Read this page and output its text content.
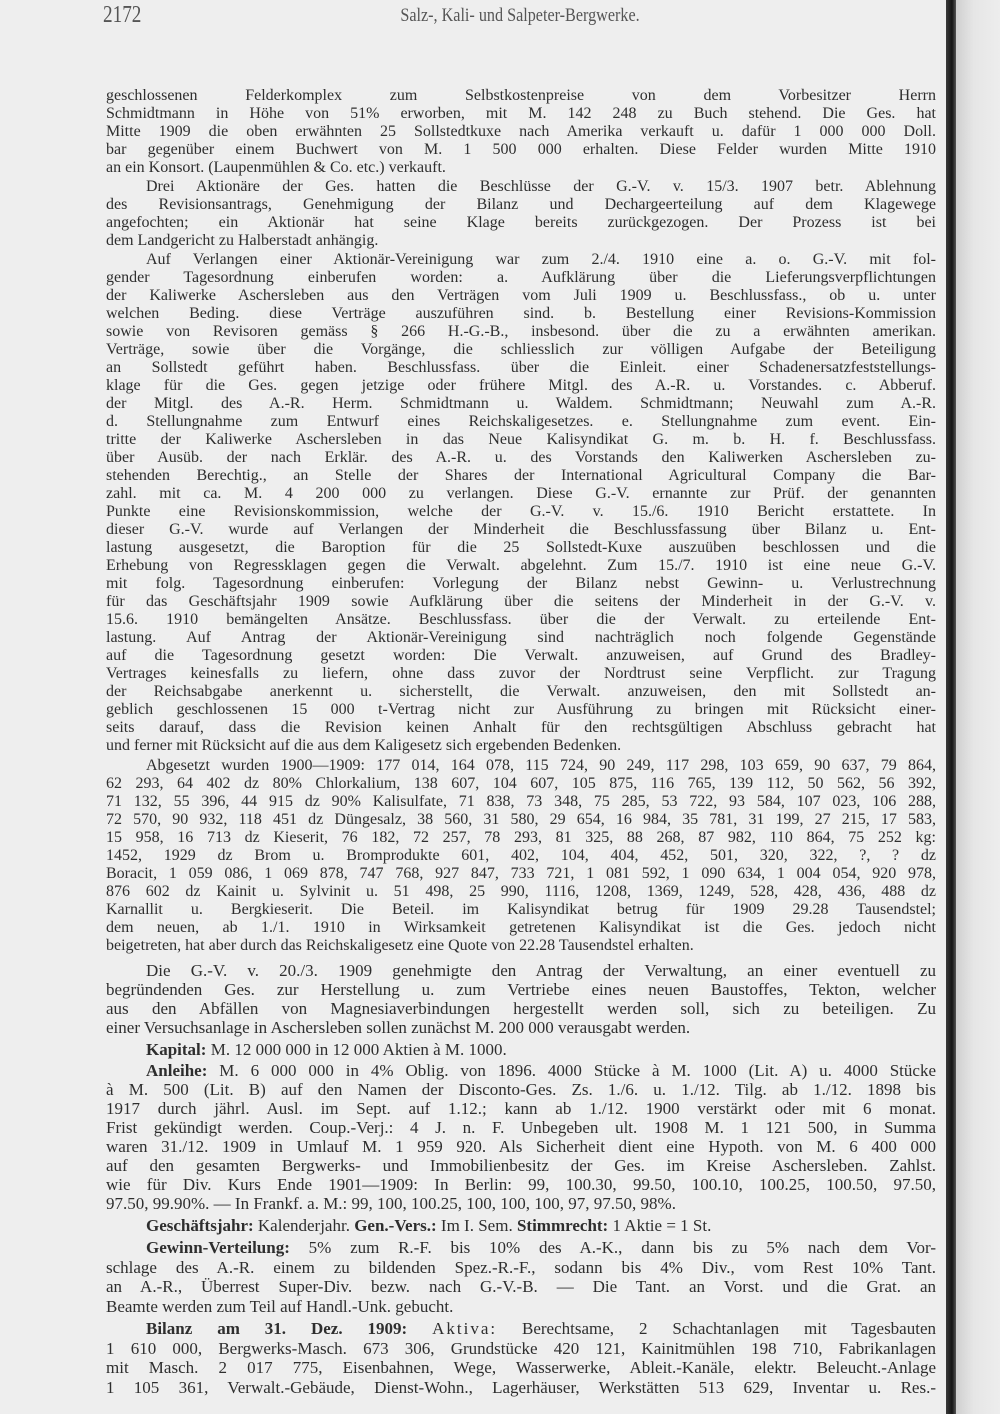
2172	Salz-, Kali- und Salpeter-Bergwerke.
geschlossenen Felderkomplex zum Selbstkostenpreise von dem Vorbesitzer Herrn
Schmidtmann in Höhe von 51% erworben, mit M. 142 248 zu Buch stehend. Die Ges. hat
Mitte 1909 die oben erwähnten 25 Sollstedtkuxe nach Amerika verkauft u. dafür 1 000 000 Doll.
bar gegenüber einem Buchwert von M. 1 500 000 erhalten. Diese Felder wurden Mitte 1910
an ein Konsort. (Laupenmühlen & Co. etc.) verkauft.
Drei Aktionäre der Ges. hatten die Beschlüsse der G.-V. v. 15/3. 1907 betr. Ablehnung
des Revisionsantrags, Genehmigung der Bilanz und Dechargeerteilung auf dem Klagewege
angefochten; ein Aktionär hat seine Klage bereits zurückgezogen. Der Prozess ist bei
dem Landgericht zu Halberstadt anhängig.
Auf Verlangen einer Aktionär-Vereinigung war zum 2./4. 1910 eine a. o. G.-V. mit fol-
gender Tagesordnung einberufen worden: a. Aufklärung über die Lieferungsverpflichtungen
der Kaliwerke Aschersleben aus den Verträgen vom Juli 1909 u. Beschlussfass., ob u. unter
welchen Beding. diese Verträge auszuführen sind. b. Bestellung einer Revisions-Kommission
sowie von Revisoren gemäss § 266 H.-G.-B., insbesond. über die zu a erwähnten amerikan.
Verträge, sowie über die Vorgänge, die schliesslich zur völligen Aufgabe der Beteiligung
an Sollstedt geführt haben. Beschlussfass. über die Einleit. einer Schadenersatzfeststellungs-
klage für die Ges. gegen jetzige oder frühere Mitgl. des A.-R. u. Vorstandes. c. Abberuf.
der Mitgl. des A.-R. Herm. Schmidtmann u. Waldem. Schmidtmann; Neuwahl zum A.-R.
d. Stellungnahme zum Entwurf eines Reichskaligesetzes. e. Stellungnahme zum event. Ein-
tritte der Kaliwerke Aschersleben in das Neue Kalisyndikat G. m. b. H. f. Beschlussfass.
über Ausüb. der nach Erklär. des A.-R. u. des Vorstands den Kaliwerken Aschersleben zu-
stehenden Berechtig., an Stelle der Shares der International Agricultural Company die Bar-
zahl. mit ca. M. 4 200 000 zu verlangen. Diese G.-V. ernannte zur Prüf. der genannten
Punkte eine Revisionskommission, welche der G.-V. v. 15./6. 1910 Bericht erstattete. In
dieser G.-V. wurde auf Verlangen der Minderheit die Beschlussfassung über Bilanz u. Ent-
lastung ausgesetzt, die Baroption für die 25 Sollstedt-Kuxe auszuüben beschlossen und die
Erhebung von Regressklagen gegen die Verwalt. abgelehnt. Zum 15./7. 1910 ist eine neue G.-V.
mit folg. Tagesordnung einberufen: Vorlegung der Bilanz nebst Gewinn- u. Verlustrechnung
für das Geschäftsjahr 1909 sowie Aufklärung über die seitens der Minderheit in der G.-V. v.
15.6. 1910 bemängelten Ansätze. Beschlussfass. über die der Verwalt. zu erteilende Ent-
lastung. Auf Antrag der Aktionär-Vereinigung sind nachträglich noch folgende Gegenstände
auf die Tagesordnung gesetzt worden: Die Verwalt. anzuweisen, auf Grund des Bradley-
Vertrages keinesfalls zu liefern, ohne dass zuvor der Nordtrust seine Verpflicht. zur Tragung
der Reichsabgabe anerkennt u. sicherstellt, die Verwalt. anzuweisen, den mit Sollstedt an-
geblich geschlossenen 15 000 t-Vertrag nicht zur Ausführung zu bringen mit Rücksicht einer-
seits darauf, dass die Revision keinen Anhalt für den rechtsgültigen Abschluss gebracht hat
und ferner mit Rücksicht auf die aus dem Kaligesetz sich ergebenden Bedenken.
Abgesetzt wurden 1900—1909: 177 014, 164 078, 115 724, 90 249, 117 298, 103 659, 90 637, 79 864,
62 293, 64 402 dz 80% Chlorkalium, 138 607, 104 607, 105 875, 116 765, 139 112, 50 562, 56 392,
71 132, 55 396, 44 915 dz 90% Kalisulfate, 71 838, 73 348, 75 285, 53 722, 93 584, 107 023, 106 288,
72 570, 90 932, 118 451 dz Düngesalz, 38 560, 31 580, 29 654, 16 984, 35 781, 31 199, 27 215, 17 583,
15 958, 16 713 dz Kieserit, 76 182, 72 257, 78 293, 81 325, 88 268, 87 982, 110 864, 75 252 kg:
1452, 1929 dz Brom u. Bromprodukte 601, 402, 104, 404, 452, 501, 320, 322, ?, ? dz
Boracit, 1 059 086, 1 069 878, 747 768, 927 847, 733 721, 1 081 592, 1 090 634, 1 004 054, 920 978,
876 602 dz Kainit u. Sylvinit u. 51 498, 25 990, 1116, 1208, 1369, 1249, 528, 428, 436, 488 dz
Karnallit u. Bergkieserit. Die Beteil. im Kalisyndikat betrug für 1909 29.28 Tausendstel;
dem neuen, ab 1./1. 1910 in Wirksamkeit getretenen Kalisyndikat ist die Ges. jedoch nicht
beigetreten, hat aber durch das Reichskaligesetz eine Quote von 22.28 Tausendstel erhalten.
Die G.-V. v. 20./3. 1909 genehmigte den Antrag der Verwaltung, an einer eventuell zu
begründenden Ges. zur Herstellung u. zum Vertriebe eines neuen Baustoffes, Tekton, welcher
aus den Abfällen von Magnesiaverbindungen hergestellt werden soll, sich zu beteiligen. Zu
einer Versuchsanlage in Aschersleben sollen zunächst M. 200 000 verausgabt werden.
Kapital: M. 12 000 000 in 12 000 Aktien à M. 1000.
Anleihe: M. 6 000 000 in 4% Oblig. von 1896. 4000 Stücke à M. 1000 (Lit. A) u. 4000 Stücke
à M. 500 (Lit. B) auf den Namen der Disconto-Ges. Zs. 1./6. u. 1./12. Tilg. ab 1./12. 1898 bis
1917 durch jährl. Ausl. im Sept. auf 1.12.; kann ab 1./12. 1900 verstärkt oder mit 6 monat.
Frist gekündigt werden. Coup.-Verj.: 4 J. n. F. Unbegeben ult. 1908 M. 1 121 500, in Summa
waren 31./12. 1909 in Umlauf M. 1 959 920. Als Sicherheit dient eine Hypoth. von M. 6 400 000
auf den gesamten Bergwerks- und Immobilienbesitz der Ges. im Kreise Aschersleben. Zahlst.
wie für Div. Kurs Ende 1901—1909: In Berlin: 99, 100.30, 99.50, 100.10, 100.25, 100.50, 97.50,
97.50, 99.90%. — In Frankf. a. M.: 99, 100, 100.25, 100, 100, 100, 97, 97.50, 98%.
Geschäftsjahr: Kalenderjahr. Gen.-Vers.: Im I. Sem. Stimmrecht: 1 Aktie = 1 St.
Gewinn-Verteilung: 5% zum R.-F. bis 10% des A.-K., dann bis zu 5% nach dem Vor-
schlage des A.-R. einem zu bildenden Spez.-R.-F., sodann bis 4% Div., vom Rest 10% Tant.
an A.-R., Überrest Super-Div. bezw. nach G.-V.-B. — Die Tant. an Vorst. und die Grat. an
Beamte werden zum Teil auf Handl.-Unk. gebucht.
Bilanz am 31. Dez. 1909: Aktiva: Berechtsame, 2 Schachtanlagen mit Tagesbauten
1 610 000, Bergwerks-Masch. 673 306, Grundstücke 420 121, Kainitmühlen 198 710, Fabrikanlagen
mit Masch. 2 017 775, Eisenbahnen, Wege, Wasserwerke, Ableit.-Kanäle, elektr. Beleucht.-Anlage
1 105 361, Verwalt.-Gebäude, Dienst-Wohn., Lagerhäuser, Werkstätten 513 629, Inventar u. Res.-
